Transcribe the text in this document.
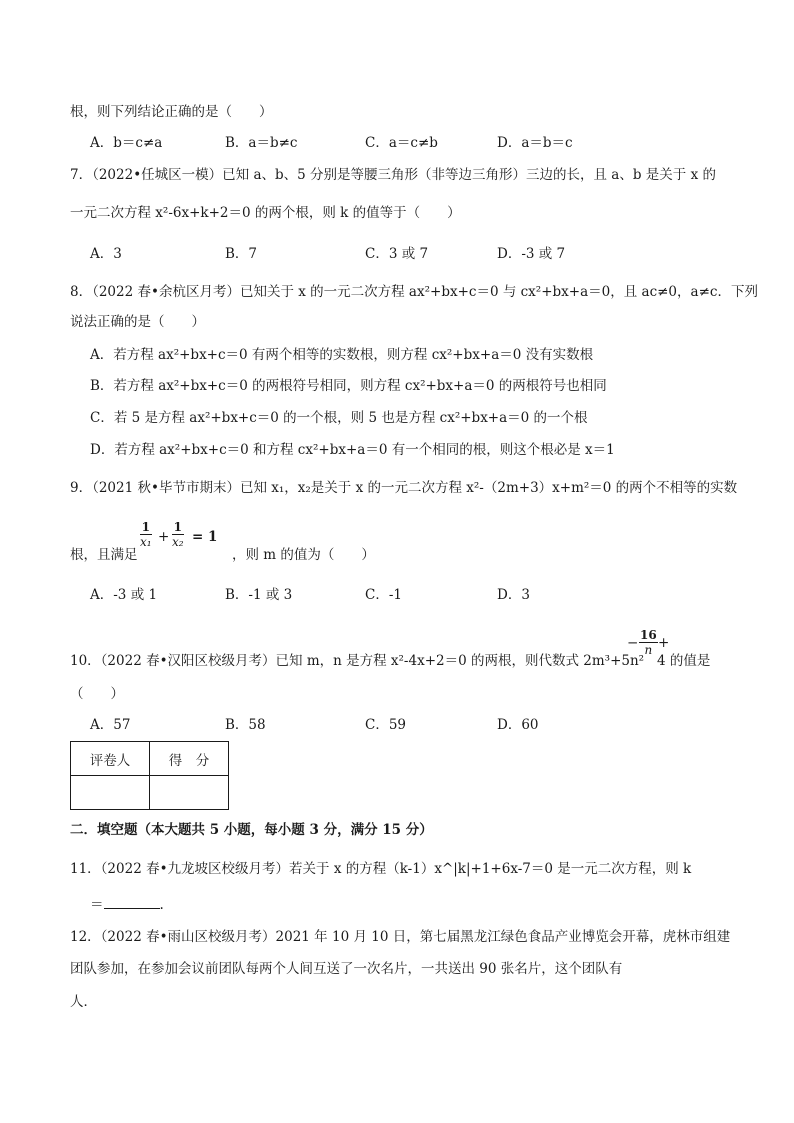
根，则下列结论正确的是（　　）
A．b＝c≠a	B．a＝b≠c	C．a＝c≠b	D．a＝b＝c
7．（2022•任城区一模）已知 a、b、5 分别是等腰三角形（非等边三角形）三边的长，且 a、b 是关于 x 的
一元二次方程 x²-6x+k+2＝0 的两个根，则 k 的值等于（　　）
A．3	B．7	C．3 或 7	D．-3 或 7
8．（2022 春•余杭区月考）已知关于 x 的一元二次方程 ax²+bx+c＝0 与 cx²+bx+a＝0，且 ac≠0，a≠c．下列
说法正确的是（　　）
A．若方程 ax²+bx+c＝0 有两个相等的实数根，则方程 cx²+bx+a＝0 没有实数根
B．若方程 ax²+bx+c＝0 的两根符号相同，则方程 cx²+bx+a＝0 的两根符号也相同
C．若 5 是方程 ax²+bx+c＝0 的一个根，则 5 也是方程 cx²+bx+a＝0 的一个根
D．若方程 ax²+bx+c＝0 和方程 cx²+bx+a＝0 有一个相同的根，则这个根必是 x＝1
9．（2021 秋•毕节市期末）已知 x₁，x₂是关于 x 的一元二次方程 x²-（2m+3）x+m²＝0 的两个不相等的实数
根，且满足
1
x₁ +
1
x₂ = 1
，则 m 的值为（　　）
A．-3 或 1	B．-1 或 3	C．-1	D．3
10．（2022 春•汉阳区校级月考）已知 m，n 是方程 x²-4x+2＝0 的两根，则代数式 2m³+5n²
− 16
n +
4 的值是
（　　）
A．57	B．58	C．59	D．60
评卷人	得　分

二．填空题（本大题共 5 小题，每小题 3 分，满分 15 分）
11．（2022 春•九龙坡区校级月考）若关于 x 的方程（k-1）x^|k|+1+6x-7＝0 是一元二次方程，则 k
＝	.
12．（2022 春•雨山区校级月考）2021 年 10 月 10 日，第七届黑龙江绿色食品产业博览会开幕，虎林市组建
团队参加，在参加会议前团队每两个人间互送了一次名片，一共送出 90 张名片，这个团队有
人．
